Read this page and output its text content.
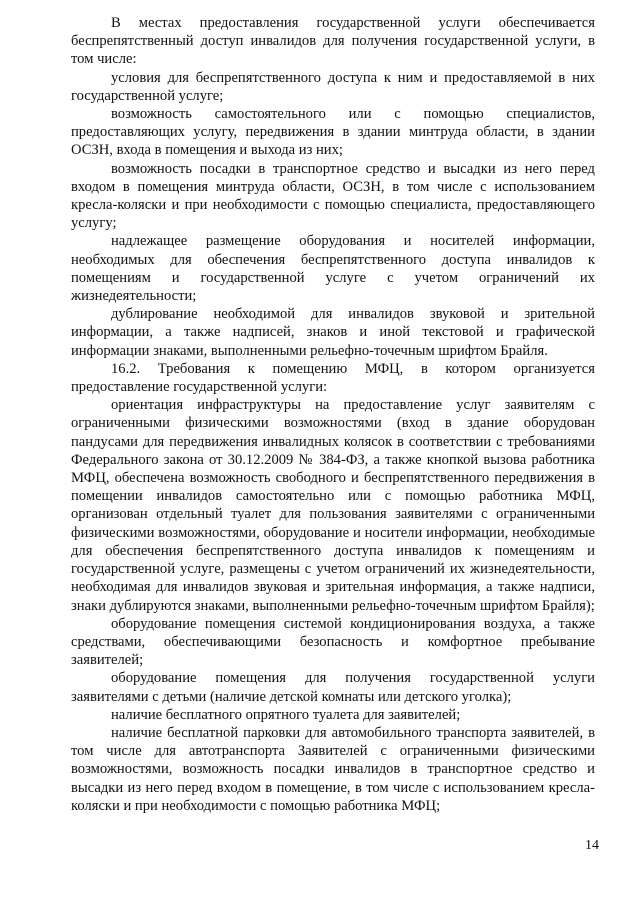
В местах предоставления государственной услуги обеспечивается беспрепятственный доступ инвалидов для получения государственной услуги, в том числе:

условия для беспрепятственного доступа к ним и предоставляемой в них государственной услуге;

возможность самостоятельного или с помощью специалистов, предоставляющих услугу, передвижения в здании минтруда области, в здании ОСЗН, входа в помещения и выхода из них;

возможность посадки в транспортное средство и высадки из него перед входом в помещения минтруда области, ОСЗН, в том числе с использованием кресла-коляски и при необходимости с помощью специалиста, предоставляющего услугу;

надлежащее размещение оборудования и носителей информации, необходимых для обеспечения беспрепятственного доступа инвалидов к помещениям и государственной услуге с учетом ограничений их жизнедеятельности;

дублирование необходимой для инвалидов звуковой и зрительной информации, а также надписей, знаков и иной текстовой и графической информации знаками, выполненными рельефно-точечным шрифтом Брайля.

16.2. Требования к помещению МФЦ, в котором организуется предоставление государственной услуги:

ориентация инфраструктуры на предоставление услуг заявителям с ограниченными физическими возможностями (вход в здание оборудован пандусами для передвижения инвалидных колясок в соответствии с требованиями Федерального закона от 30.12.2009 № 384-ФЗ, а также кнопкой вызова работника МФЦ, обеспечена возможность свободного и беспрепятственного передвижения в помещении инвалидов самостоятельно или с помощью работника МФЦ, организован отдельный туалет для пользования заявителями с ограниченными физическими возможностями, оборудование и носители информации, необходимые для обеспечения беспрепятственного доступа инвалидов к помещениям и государственной услуге, размещены с учетом ограничений их жизнедеятельности, необходимая для инвалидов звуковая и зрительная информация, а также надписи, знаки дублируются знаками, выполненными рельефно-точечным шрифтом Брайля);

оборудование помещения системой кондиционирования воздуха, а также средствами, обеспечивающими безопасность и комфортное пребывание заявителей;

оборудование помещения для получения государственной услуги заявителями с детьми (наличие детской комнаты или детского уголка);

наличие бесплатного опрятного туалета для заявителей;

наличие бесплатной парковки для автомобильного транспорта заявителей, в том числе для автотранспорта Заявителей с ограниченными физическими возможностями, возможность посадки инвалидов в транспортное средство и высадки из него перед входом в помещение, в том числе с использованием кресла-коляски и при необходимости с помощью работника МФЦ;

14
